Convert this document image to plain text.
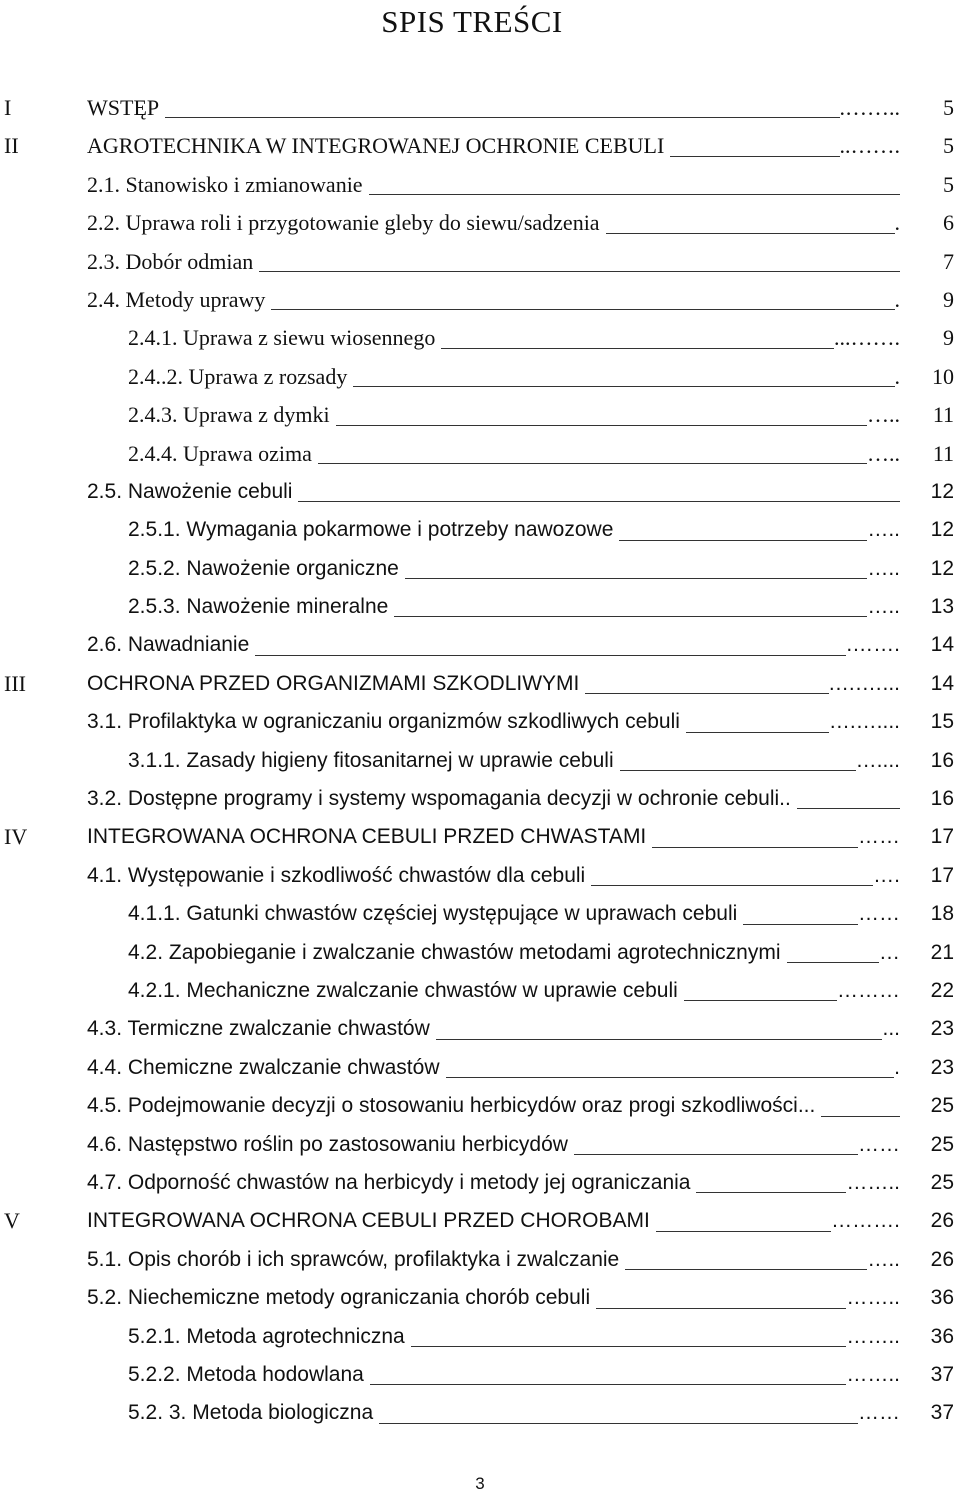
SPIS TREŚCI
I	WSTĘP	.……..	5
II	AGROTECHNIKA W INTEGROWANEJ OCHRONIE CEBULI	..…….	5
2.1. Stanowisko i zmianowanie	5
2.2. Uprawa roli i przygotowanie gleby do siewu/sadzenia	.	6
2.3. Dobór odmian	7
2.4. Metody uprawy	.	9
2.4.1. Uprawa z siewu wiosennego	...…….	9
2.4..2. Uprawa z rozsady	.	10
2.4.3. Uprawa z dymki	…..	11
2.4.4. Uprawa ozima	…..	11
2.5. Nawożenie cebuli	12
2.5.1. Wymagania pokarmowe i potrzeby nawozowe	…..	12
2.5.2. Nawożenie organiczne	…..	12
2.5.3. Nawożenie mineralne	…..	13
2.6. Nawadnianie	.…….	14
III	OCHRONA PRZED ORGANIZMAMI SZKODLIWYMI	.….…...	14
3.1. Profilaktyka w ograniczaniu organizmów szkodliwych cebuli	….…....	15
3.1.1. Zasady higieny fitosanitarnej w uprawie cebuli	…....	16
3.2. Dostępne programy i systemy wspomagania decyzji w ochronie cebuli..	16
IV	INTEGROWANA OCHRONA CEBULI PRZED CHWASTAMI	……	17
4.1. Występowanie i szkodliwość chwastów dla cebuli	….	17
4.1.1. Gatunki chwastów częściej występujące w uprawach cebuli	……	18
4.2. Zapobieganie i zwalczanie chwastów metodami agrotechnicznymi	…	21
4.2.1. Mechaniczne zwalczanie chwastów w uprawie cebuli	………	22
4.3. Termiczne zwalczanie chwastów	...	23
4.4. Chemiczne zwalczanie chwastów	.	23
4.5. Podejmowanie decyzji o stosowaniu herbicydów oraz progi szkodliwości...	25
4.6. Następstwo roślin po zastosowaniu herbicydów	……	25
4.7. Odporność chwastów na herbicydy i metody jej ograniczania	……..	25
V	INTEGROWANA OCHRONA CEBULI PRZED CHOROBAMI	……….	26
5.1. Opis chorób i ich sprawców, profilaktyka i zwalczanie	…..	26
5.2. Niechemiczne metody ograniczania chorób cebuli	……..	36
5.2.1. Metoda agrotechniczna	……..	36
5.2.2. Metoda hodowlana	……..	37
5.2. 3. Metoda biologiczna	……	37
3
